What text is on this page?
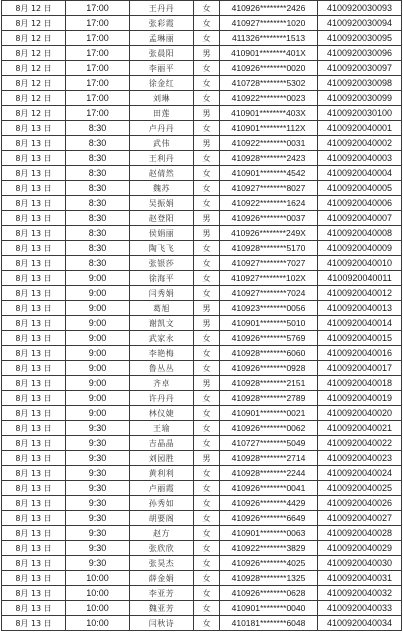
8月 12 日	17:00	王丹丹	女	410926********2426	4100920030093
8月 12 日	17:00	张彩霞	女	410927********1020	4100920030094
8月 12 日	17:00	孟琳丽	女	411326********1513	4100920030095
8月 12 日	17:00	张晨阳	男	410901********401X	4100920030096
8月 12 日	17:00	李丽平	女	410926********0020	4100920030097
8月 12 日	17:00	徐金红	女	410728********5302	4100920030098
8月 12 日	17:00	刘琳	女	410922********0023	4100920030099
8月 12 日	17:00	田莲	男	410901********403X	4100920030100
8月 13 日	8:30	卢丹丹	女	410901********112X	4100920040001
8月 13 日	8:30	武伟	男	410922********0031	4100920040002
8月 13 日	8:30	王利丹	女	410928********2423	4100920040003
8月 13 日	8:30	赵倩然	女	410901********4542	4100920040004
8月 13 日	8:30	魏苏	女	410927********8027	4100920040005
8月 13 日	8:30	吴振娟	女	410922********1624	4100920040006
8月 13 日	8:30	赵登阳	男	410926********0037	4100920040007
8月 13 日	8:30	侯娟丽	男	410926********249X	4100920040008
8月 13 日	8:30	陶飞飞	女	410928********5170	4100920040009
8月 13 日	8:30	张银莎	女	410927********7027	4100920040010
8月 13 日	9:00	徐海平	女	410927********102X	4100920040011
8月 13 日	9:00	闫秀娟	女	410927********7024	4100920040012
8月 13 日	9:00	葛旭	男	410923********0056	4100920040013
8月 13 日	9:00	谢凯文	男	410901********5010	4100920040014
8月 13 日	9:00	武家永	女	410926********5769	4100920040015
8月 13 日	9:00	李艳梅	女	410928********6060	4100920040016
8月 13 日	9:00	鲁丛丛	女	410926********0928	4100920040017
8月 13 日	9:00	齐卓	男	410928********2151	4100920040018
8月 13 日	9:00	许丹丹	女	410928********2789	4100920040019
8月 13 日	9:00	林仪婕	女	410901********0021	4100920040020
8月 13 日	9:30	王瑜	女	410926********0062	4100920040021
8月 13 日	9:30	吉晶晶	女	410727********5049	4100920040022
8月 13 日	9:30	刘园胜	男	410928********2714	4100920040023
8月 13 日	9:30	黄利利	女	410928********2244	4100920040024
8月 13 日	9:30	卢丽霞	女	410926********0041	4100920040025
8月 13 日	9:30	孙秀如	女	410926********4429	4100920040026
8月 13 日	9:30	胡要阁	女	410926********6649	4100920040027
8月 13 日	9:30	赵方	女	410901********0063	4100920040028
8月 13 日	9:30	张欣欣	女	410922********3829	4100920040029
8月 13 日	9:30	张昊杰	女	410926********4025	4100920040030
8月 13 日	10:00	薛金娟	女	410928********1325	4100920040031
8月 13 日	10:00	李亚芳	女	410926********0628	4100920040032
8月 13 日	10:00	魏亚芳	女	410901********0040	4100920040033
8月 13 日	10:00	闫秋诗	女	410181********6048	4100920040034
